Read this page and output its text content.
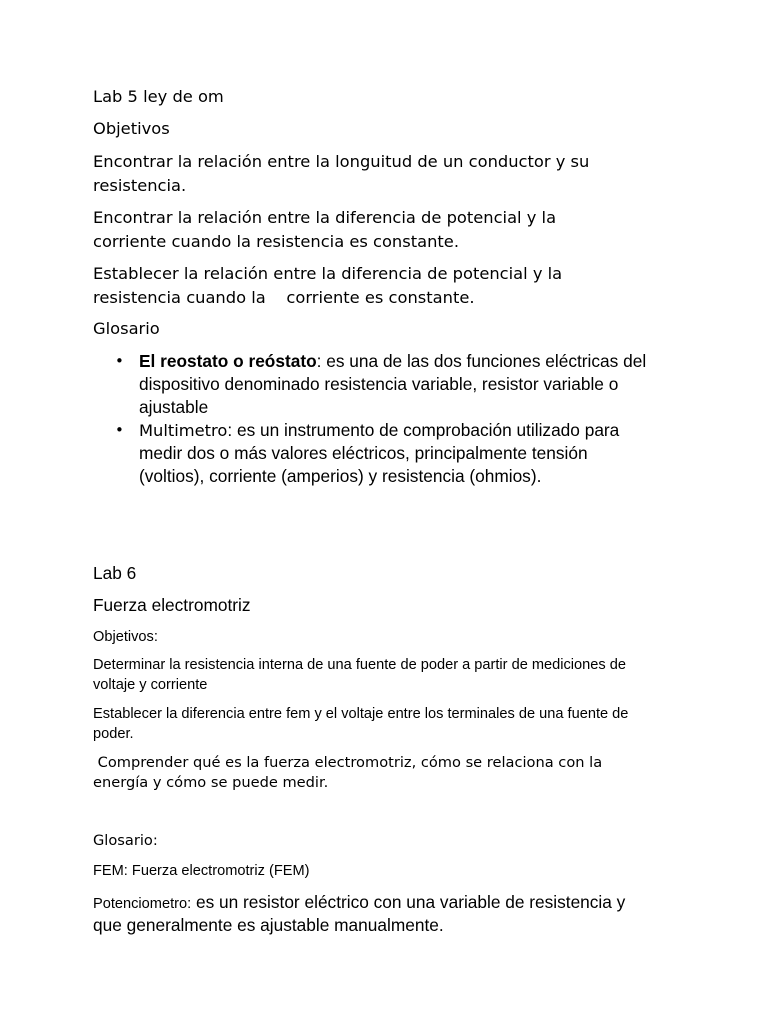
Lab 5 ley de om

Objetivos

Encontrar la relación entre la longuitud de un conductor y su

resistencia.

Encontrar la relación entre la diferencia de potencial y la

corriente cuando la resistencia es constante.

Establecer la relación entre la diferencia de potencial y la

resistencia cuando la    corriente es constante.

Glosario

• El reostato o reóstato: es una de las dos funciones eléctricas del
dispositivo denominado resistencia variable, resistor variable o
ajustable
• Multimetro: es un instrumento de comprobación utilizado para
medir dos o más valores eléctricos, principalmente tensión
(voltios), corriente (amperios) y resistencia (ohmios).

Lab 6

Fuerza electromotriz

Objetivos:

Determinar la resistencia interna de una fuente de poder a partir de mediciones de

voltaje y corriente

Establecer la diferencia entre fem y el voltaje entre los terminales de una fuente de

poder.

Comprender qué es la fuerza electromotriz, cómo se relaciona con la

energía y cómo se puede medir.

Glosario:

FEM: Fuerza electromotriz (FEM)

Potenciometro: es un resistor eléctrico con una variable de resistencia y

que generalmente es ajustable manualmente.
